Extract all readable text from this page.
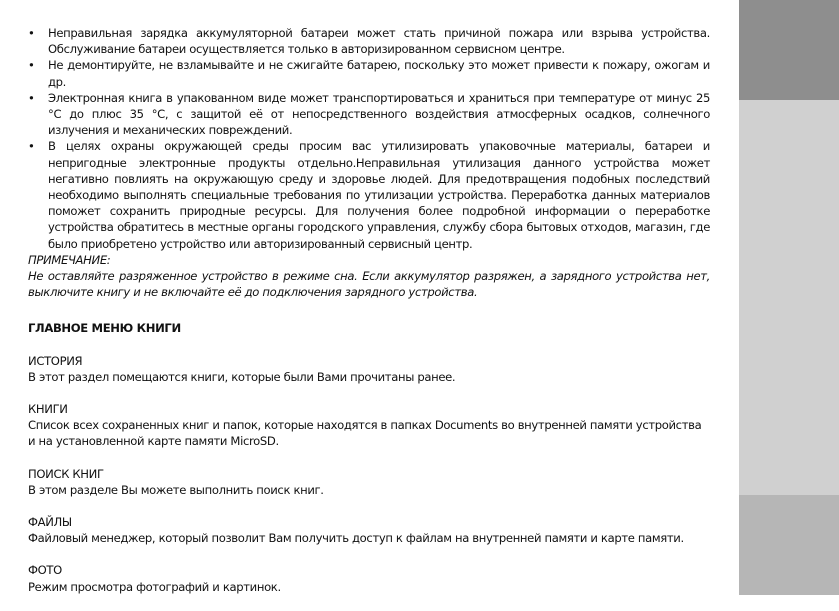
•	Неправильная зарядка аккумуляторной батареи может стать причиной пожара или взрыва устройства. Обслуживание батареи осуществляется только в авторизированном сервисном центре.
•	Не демонтируйте, не взламывайте и не сжигайте батарею, поскольку это может привести к пожару, ожогам и др.
•	Электронная книга в упакованном виде может транспортироваться и храниться при температуре от минус 25 °С до плюс 35 °С, с защитой её от непосредственного воздействия атмосферных осадков, солнечного излучения и механических повреждений.
•	В целях охраны окружающей среды просим вас утилизировать упаковочные материалы, батареи и непригодные электронные продукты отдельно.Неправильная утилизация данного устройства может негативно повлиять на окружающую среду и здоровье людей. Для предотвращения подобных последствий необходимо выполнять специальные требования по утилизации устройства. Переработка данных материалов поможет сохранить природные ресурсы. Для получения более подробной информации о переработке устройства обратитесь в местные органы городского управления, службу сбора бытовых отходов, магазин, где было приобретено устройство или авторизированный сервисный центр.

ПРИМЕЧАНИЕ:

Не оставляйте разряженное устройство в режиме сна. Если аккумулятор разряжен, а зарядного устройства нет, выключите книгу и не включайте её до подключения зарядного устройства.

ГЛАВНОЕ МЕНЮ КНИГИ

ИСТОРИЯ

В этот раздел помещаются книги, которые были Вами прочитаны ранее.

КНИГИ

Список всех сохраненных книг и папок, которые находятся в папках Documents во внутренней памяти устройства и на установленной карте памяти MicroSD.

ПОИСК КНИГ

В этом разделе Вы можете выполнить поиск книг.

ФАЙЛЫ

Файловый менеджер, который позволит Вам получить доступ к файлам на внутренней памяти и карте памяти.

ФОТО

Режим просмотра фотографий и картинок.
